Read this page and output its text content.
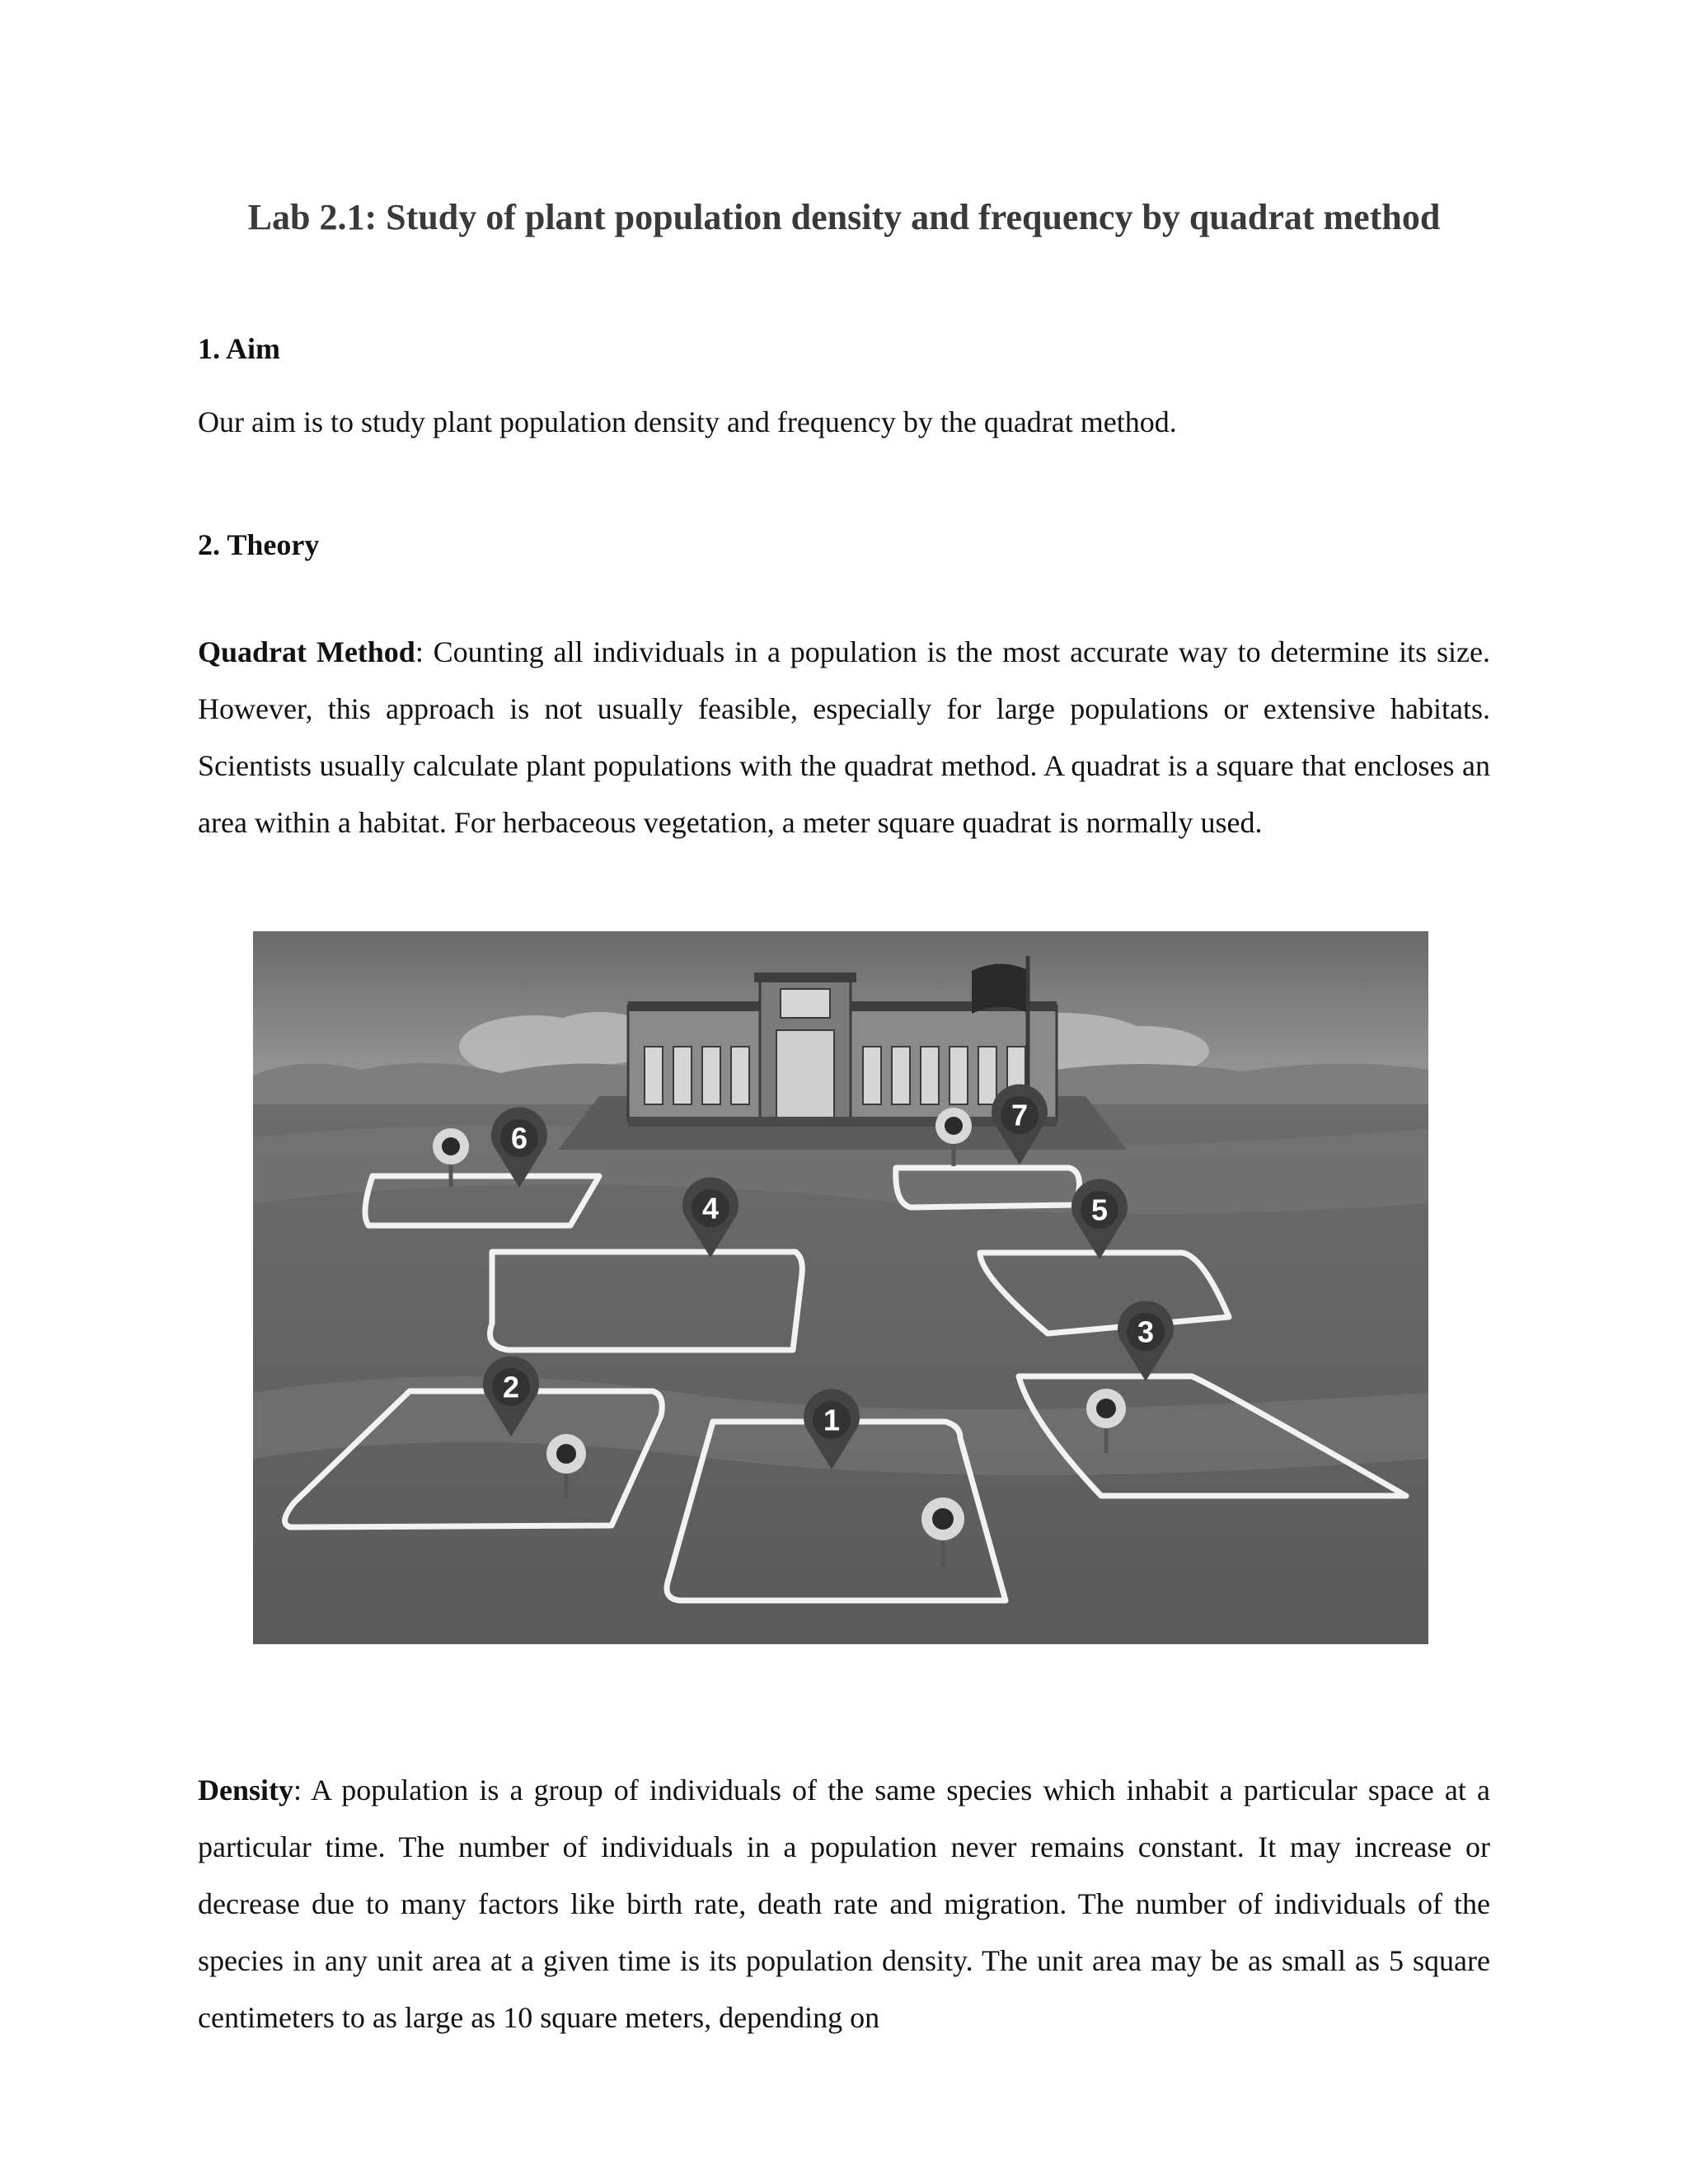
Lab 2.1: Study of plant population density and frequency by quadrat method
1. Aim

Our aim is to study plant population density and frequency by the quadrat method.

2. Theory

Quadrat Method: Counting all individuals in a population is the most accurate way to determine its size. However, this approach is not usually feasible, especially for large populations or extensive habitats. Scientists usually calculate plant populations with the quadrat method. A quadrat is a square that encloses an area within a habitat. For herbaceous vegetation, a meter square quadrat is normally used.

6
4
7
5
3
2
1

Density: A population is a group of individuals of the same species which inhabit a particular space at a particular time. The number of individuals in a population never remains constant. It may increase or decrease due to many factors like birth rate, death rate and migration. The number of individuals of the species in any unit area at a given time is its population density. The unit area may be as small as 5 square centimeters to as large as 10 square meters, depending on
